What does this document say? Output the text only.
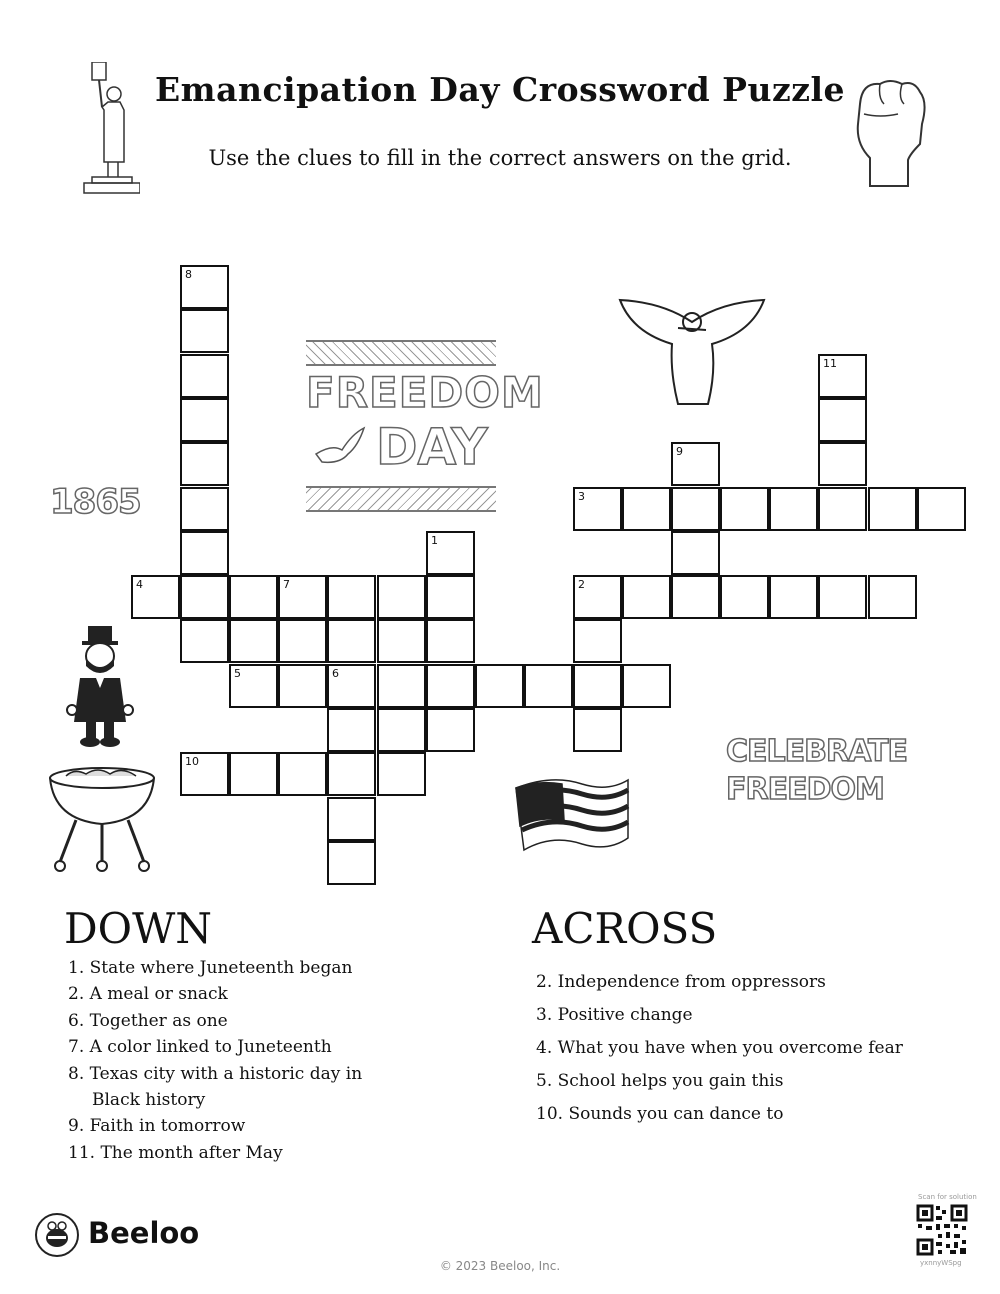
Emancipation Day Crossword Puzzle
Use the clues to fill in the correct answers on the grid.
8
11
9
3
1
4	7	2
5	6
10
FREEDOM
DAY
1865
CELEBRATE
FREEDOM
DOWN
1. State where Juneteenth began
2. A meal or snack
6. Together as one
7. A color linked to Juneteenth
8. Texas city with a historic day in
Black history
9. Faith in tomorrow
11. The month after May
ACROSS
2. Independence from oppressors
3. Positive change
4. What you have when you overcome fear
5. School helps you gain this
10. Sounds you can dance to
Beeloo
© 2023 Beeloo, Inc.
Scan for solution
yxnnyWSpg
